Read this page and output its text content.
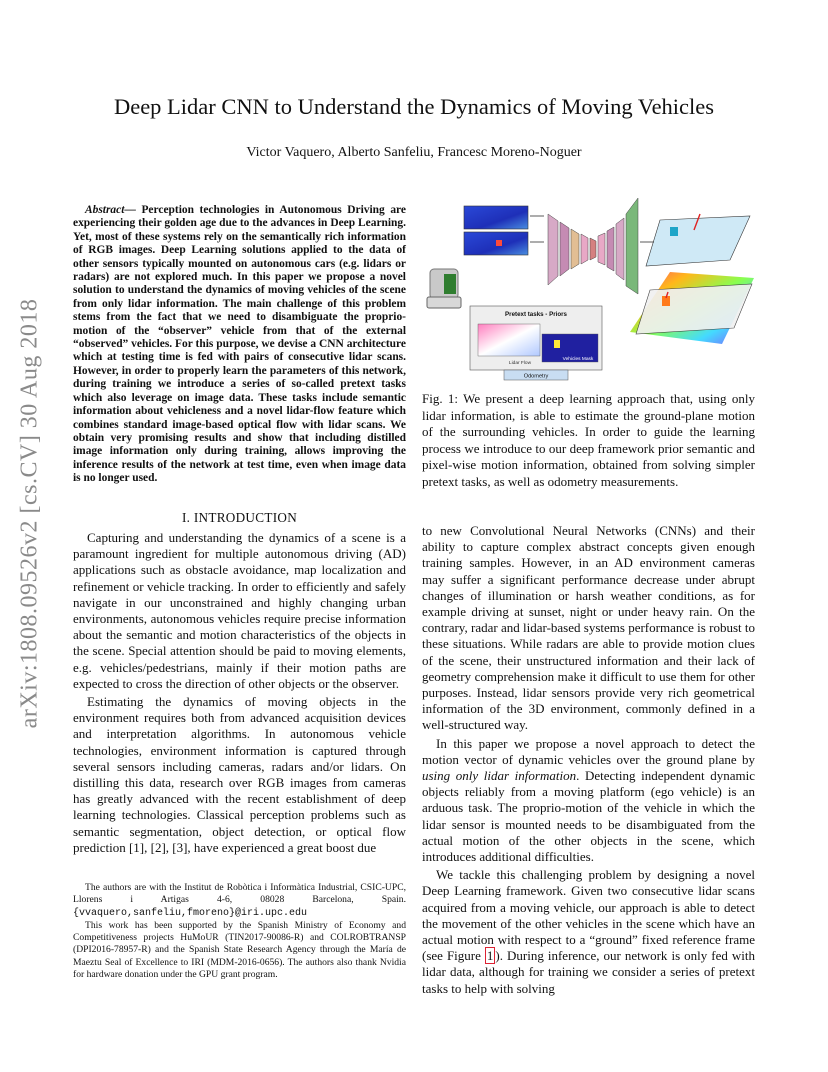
arXiv:1808.09526v2 [cs.CV] 30 Aug 2018
Deep Lidar CNN to Understand the Dynamics of Moving Vehicles
Victor Vaquero, Alberto Sanfeliu, Francesc Moreno-Noguer

Abstract— Perception technologies in Autonomous Driving are experiencing their golden age due to the advances in Deep Learning. Yet, most of these systems rely on the semantically rich information of RGB images. Deep Learning solutions applied to the data of other sensors typically mounted on autonomous cars (e.g. lidars or radars) are not explored much. In this paper we propose a novel solution to understand the dynamics of moving vehicles of the scene from only lidar information. The main challenge of this problem stems from the fact that we need to disambiguate the proprio-motion of the “observer” vehicle from that of the external “observed” vehicles. For this purpose, we devise a CNN architecture which at testing time is fed with pairs of consecutive lidar scans. However, in order to properly learn the parameters of this network, during training we introduce a series of so-called pretext tasks which also leverage on image data. These tasks include semantic information about vehicleness and a novel lidar-flow feature which combines standard image-based optical flow with lidar scans. We obtain very promising results and show that including distilled image information only during training, allows improving the inference results of the network at test time, even when image data is no longer used.

I. INTRODUCTION

Capturing and understanding the dynamics of a scene is a paramount ingredient for multiple autonomous driving (AD) applications such as obstacle avoidance, map localization and refinement or vehicle tracking. In order to efficiently and safely navigate in our unconstrained and highly changing urban environments, autonomous vehicles require precise information about the semantic and motion characteristics of the objects in the scene. Special attention should be paid to moving elements, e.g. vehicles/pedestrians, mainly if their motion paths are expected to cross the direction of other objects or the observer.

Estimating the dynamics of moving objects in the environment requires both from advanced acquisition devices and interpretation algorithms. In autonomous vehicle technologies, environment information is captured through several sensors including cameras, radars and/or lidars. On distilling this data, research over RGB images from cameras has greatly advanced with the recent establishment of deep learning technologies. Classical perception problems such as semantic segmentation, object detection, or optical flow prediction [1], [2], [3], have experienced a great boost due

The authors are with the Institut de Robòtica i Informàtica Industrial, CSIC-UPC, Llorens i Artigas 4-6, 08028 Barcelona, Spain. {vvaquero,sanfeliu,fmoreno}@iri.upc.edu

This work has been supported by the Spanish Ministry of Economy and Competitiveness projects HuMoUR (TIN2017-90086-R) and COLROBTRANSP (DPI2016-78957-R) and the Spanish State Research Agency through the María de Maeztu Seal of Excellence to IRI (MDM-2016-0656). The authors also thank Nvidia for hardware donation under the GPU grant program.

Pretext tasks - Priors
Lidar Flow
Vehicles Mask
Odometry
Fig. 1: We present a deep learning approach that, using only lidar information, is able to estimate the ground-plane motion of the surrounding vehicles. In order to guide the learning process we introduce to our deep framework prior semantic and pixel-wise motion information, obtained from solving simpler pretext tasks, as well as odometry measurements.

to new Convolutional Neural Networks (CNNs) and their ability to capture complex abstract concepts given enough training samples. However, in an AD environment cameras may suffer a significant performance decrease under abrupt changes of illumination or harsh weather conditions, as for example driving at sunset, night or under heavy rain. On the contrary, radar and lidar-based systems performance is robust to these situations. While radars are able to provide motion clues of the scene, their unstructured information and their lack of geometry comprehension make it difficult to use them for other purposes. Instead, lidar sensors provide very rich geometrical information of the 3D environment, commonly defined in a well-structured way.

In this paper we propose a novel approach to detect the motion vector of dynamic vehicles over the ground plane by using only lidar information. Detecting independent dynamic objects reliably from a moving platform (ego vehicle) is an arduous task. The proprio-motion of the vehicle in which the lidar sensor is mounted needs to be disambiguated from the actual motion of the other objects in the scene, which introduces additional difficulties.

We tackle this challenging problem by designing a novel Deep Learning framework. Given two consecutive lidar scans acquired from a moving vehicle, our approach is able to detect the movement of the other vehicles in the scene which have an actual motion with respect to a “ground” fixed reference frame (see Figure 1 ). During inference, our network is only fed with lidar data, although for training we consider a series of pretext tasks to help with solving
